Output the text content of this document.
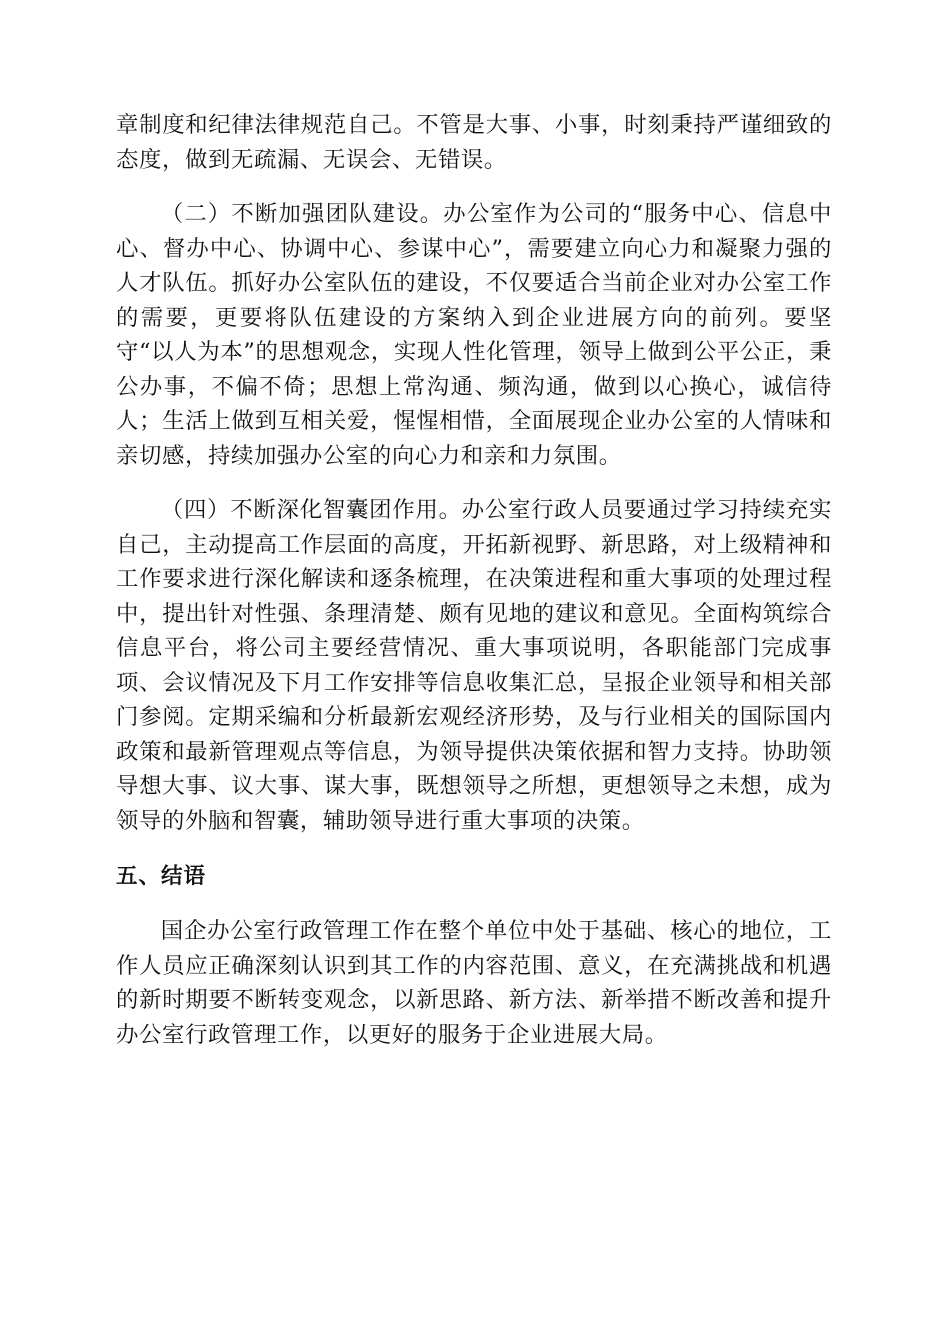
章制度和纪律法律规范自己。不管是大事、小事，时刻秉持严谨细致的态度，做到无疏漏、无误会、无错误。

（二）不断加强团队建设。办公室作为公司的“服务中心、信息中心、督办中心、协调中心、参谋中心”，需要建立向心力和凝聚力强的人才队伍。抓好办公室队伍的建设，不仅要适合当前企业对办公室工作的需要，更要将队伍建设的方案纳入到企业进展方向的前列。要坚守“以人为本”的思想观念，实现人性化管理，领导上做到公平公正，秉公办事，不偏不倚；思想上常沟通、频沟通，做到以心换心，诚信待人；生活上做到互相关爱，惺惺相惜，全面展现企业办公室的人情味和亲切感，持续加强办公室的向心力和亲和力氛围。

（四）不断深化智囊团作用。办公室行政人员要通过学习持续充实自己，主动提高工作层面的高度，开拓新视野、新思路，对上级精神和工作要求进行深化解读和逐条梳理，在决策进程和重大事项的处理过程中，提出针对性强、条理清楚、颇有见地的建议和意见。全面构筑综合信息平台，将公司主要经营情况、重大事项说明，各职能部门完成事项、会议情况及下月工作安排等信息收集汇总，呈报企业领导和相关部门参阅。定期采编和分析最新宏观经济形势，及与行业相关的国际国内政策和最新管理观点等信息，为领导提供决策依据和智力支持。协助领导想大事、议大事、谋大事，既想领导之所想，更想领导之未想，成为领导的外脑和智囊，辅助领导进行重大事项的决策。

五、结语

国企办公室行政管理工作在整个单位中处于基础、核心的地位，工作人员应正确深刻认识到其工作的内容范围、意义，在充满挑战和机遇的新时期要不断转变观念，以新思路、新方法、新举措不断改善和提升办公室行政管理工作，以更好的服务于企业进展大局。
